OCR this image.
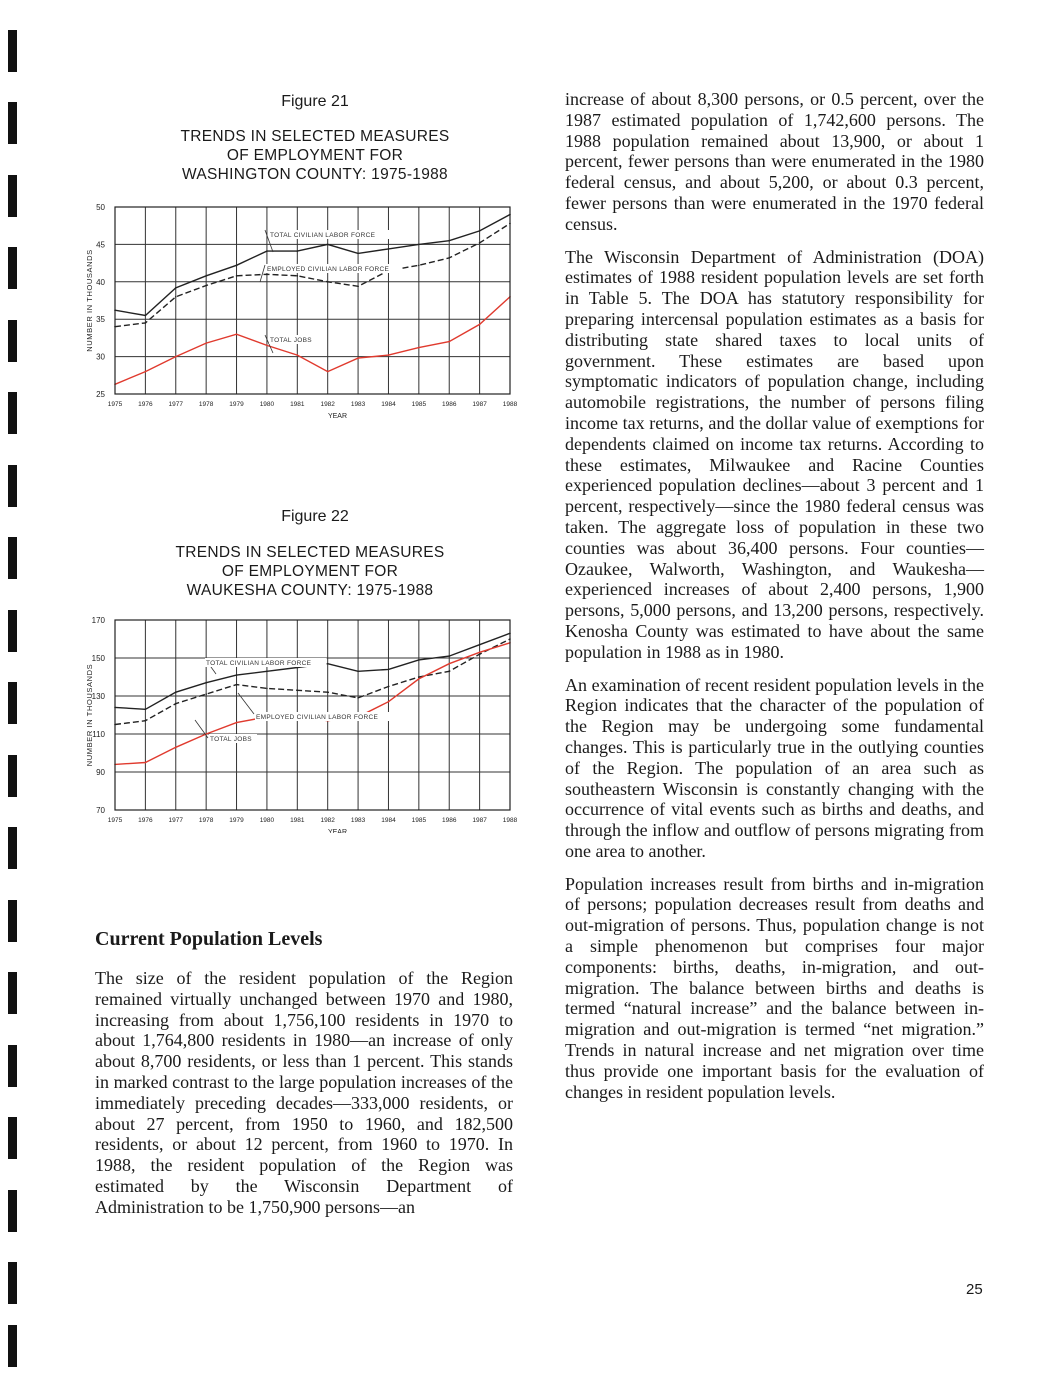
Figure 21
TRENDS IN SELECTED MEASURES
OF EMPLOYMENT FOR
WASHINGTON COUNTY: 1975-1988
25
30
35
40
45
50
NUMBER IN THOUSANDS
1975 1976 1977 1978 1979 1980 1981 1982 1983 1984 1985 1986 1987 1988
YEAR
TOTAL CIVILIAN LABOR FORCE
EMPLOYED CIVILIAN LABOR FORCE
TOTAL JOBS
Figure 22
TRENDS IN SELECTED MEASURES
OF EMPLOYMENT FOR
WAUKESHA COUNTY: 1975-1988
70
90
110
130
150
170
NUMBER IN THOUSANDS
1975 1976 1977 1978 1979 1980 1981 1982 1983 1984 1985 1986 1987 1988
YEAR
TOTAL CIVILIAN LABOR FORCE
EMPLOYED CIVILIAN LABOR FORCE
TOTAL JOBS
Current Population Levels

The size of the resident population of the Region remained virtually unchanged between 1970 and 1980, increasing from about 1,756,100 residents in 1970 to about 1,764,800 residents in 1980—an increase of only about 8,700 residents, or less than 1 percent. This stands in marked contrast to the large population increases of the immediately preceding decades—333,000 residents, or about 27 percent, from 1950 to 1960, and 182,500 residents, or about 12 percent, from 1960 to 1970. In 1988, the resident population of the Region was estimated by the Wisconsin Department of Administration to be 1,750,900 persons—an

increase of about 8,300 persons, or 0.5 percent, over the 1987 estimated population of 1,742,600 persons. The 1988 population remained about 13,900, or about 1 percent, fewer persons than were enumerated in the 1980 federal census, and about 5,200, or about 0.3 percent, fewer persons than were enumerated in the 1970 federal census.

The Wisconsin Department of Administration (DOA) estimates of 1988 resident population levels are set forth in Table 5. The DOA has statutory responsibility for preparing intercensal population estimates as a basis for distributing state shared taxes to local units of government. These estimates are based upon symptomatic indicators of population change, including automobile registrations, the number of persons filing income tax returns, and the dollar value of exemptions for dependents claimed on income tax returns. According to these estimates, Milwaukee and Racine Counties experienced population declines—about 3 percent and 1 percent, respectively—since the 1980 federal census was taken. The aggregate loss of population in these two counties was about 36,400 persons. Four counties—Ozaukee, Walworth, Washington, and Waukesha—experienced increases of about 2,400 persons, 1,900 persons, 5,000 persons, and 13,200 persons, respectively. Kenosha County was estimated to have about the same population in 1988 as in 1980.

An examination of recent resident population levels in the Region indicates that the character of the population of the Region may be undergoing some fundamental changes. This is particularly true in the outlying counties of the Region. The population of an area such as southeastern Wisconsin is constantly changing with the occurrence of vital events such as births and deaths, and through the inflow and outflow of persons migrating from one area to another.

Population increases result from births and in-migration of persons; population decreases result from deaths and out-migration of persons. Thus, population change is not a simple phenomenon but comprises four major components: births, deaths, in-migration, and out-migration. The balance between births and deaths is termed “natural increase” and the balance between in-migration and out-migration is termed “net migration.” Trends in natural increase and net migration over time thus provide one important basis for the evaluation of changes in resident population levels.

25
